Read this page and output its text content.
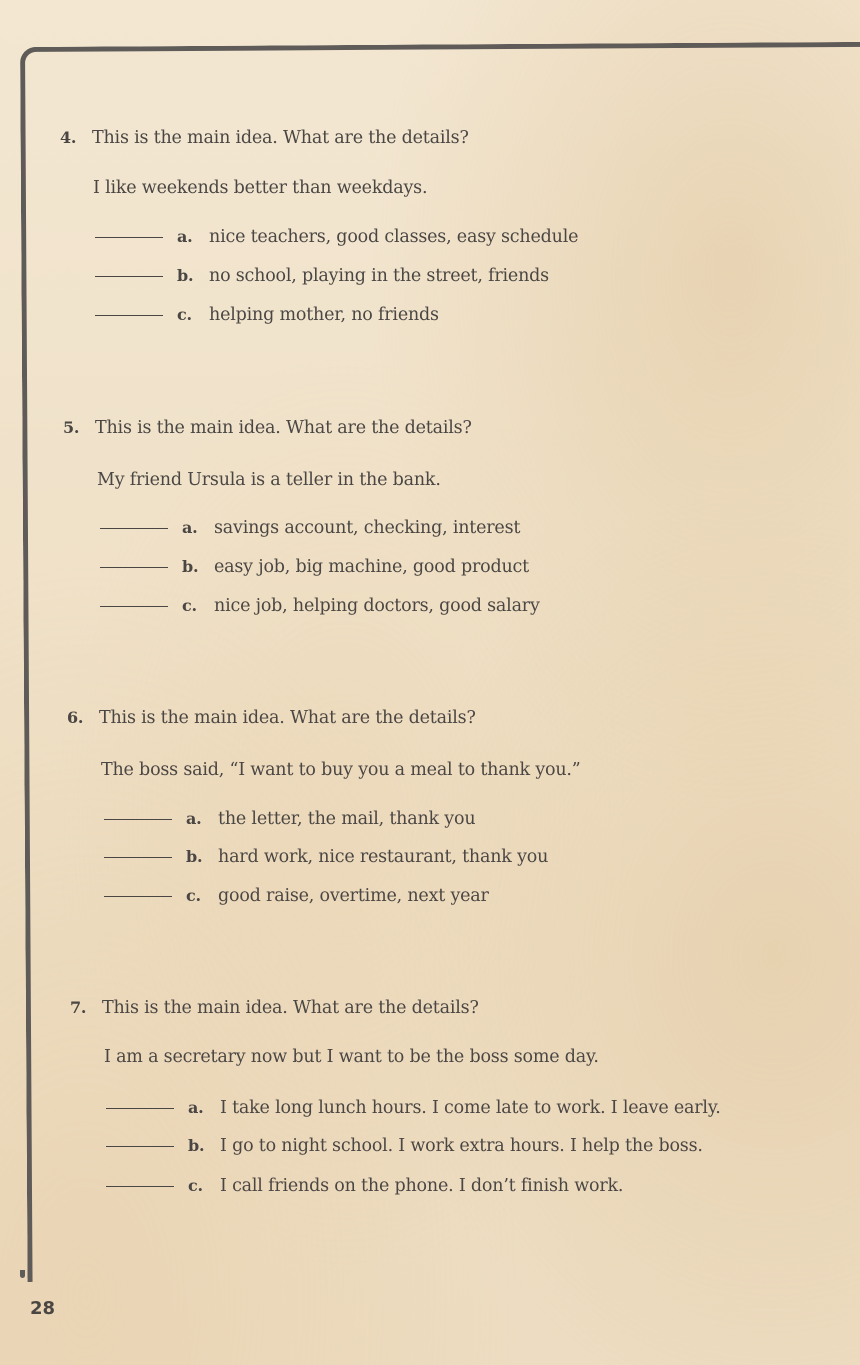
4. This is the main idea. What are the details?
I like weekends better than weekdays.
a. nice teachers, good classes, easy schedule
b. no school, playing in the street, friends
c. helping mother, no friends
5. This is the main idea. What are the details?
My friend Ursula is a teller in the bank.
a. savings account, checking, interest
b. easy job, big machine, good product
c. nice job, helping doctors, good salary
6. This is the main idea. What are the details?
The boss said, “I want to buy you a meal to thank you.”
a. the letter, the mail, thank you
b. hard work, nice restaurant, thank you
c. good raise, overtime, next year
7. This is the main idea. What are the details?
I am a secretary now but I want to be the boss some day.
a. I take long lunch hours. I come late to work. I leave early.
b. I go to night school. I work extra hours. I help the boss.
c. I call friends on the phone. I don’t finish work.
28
